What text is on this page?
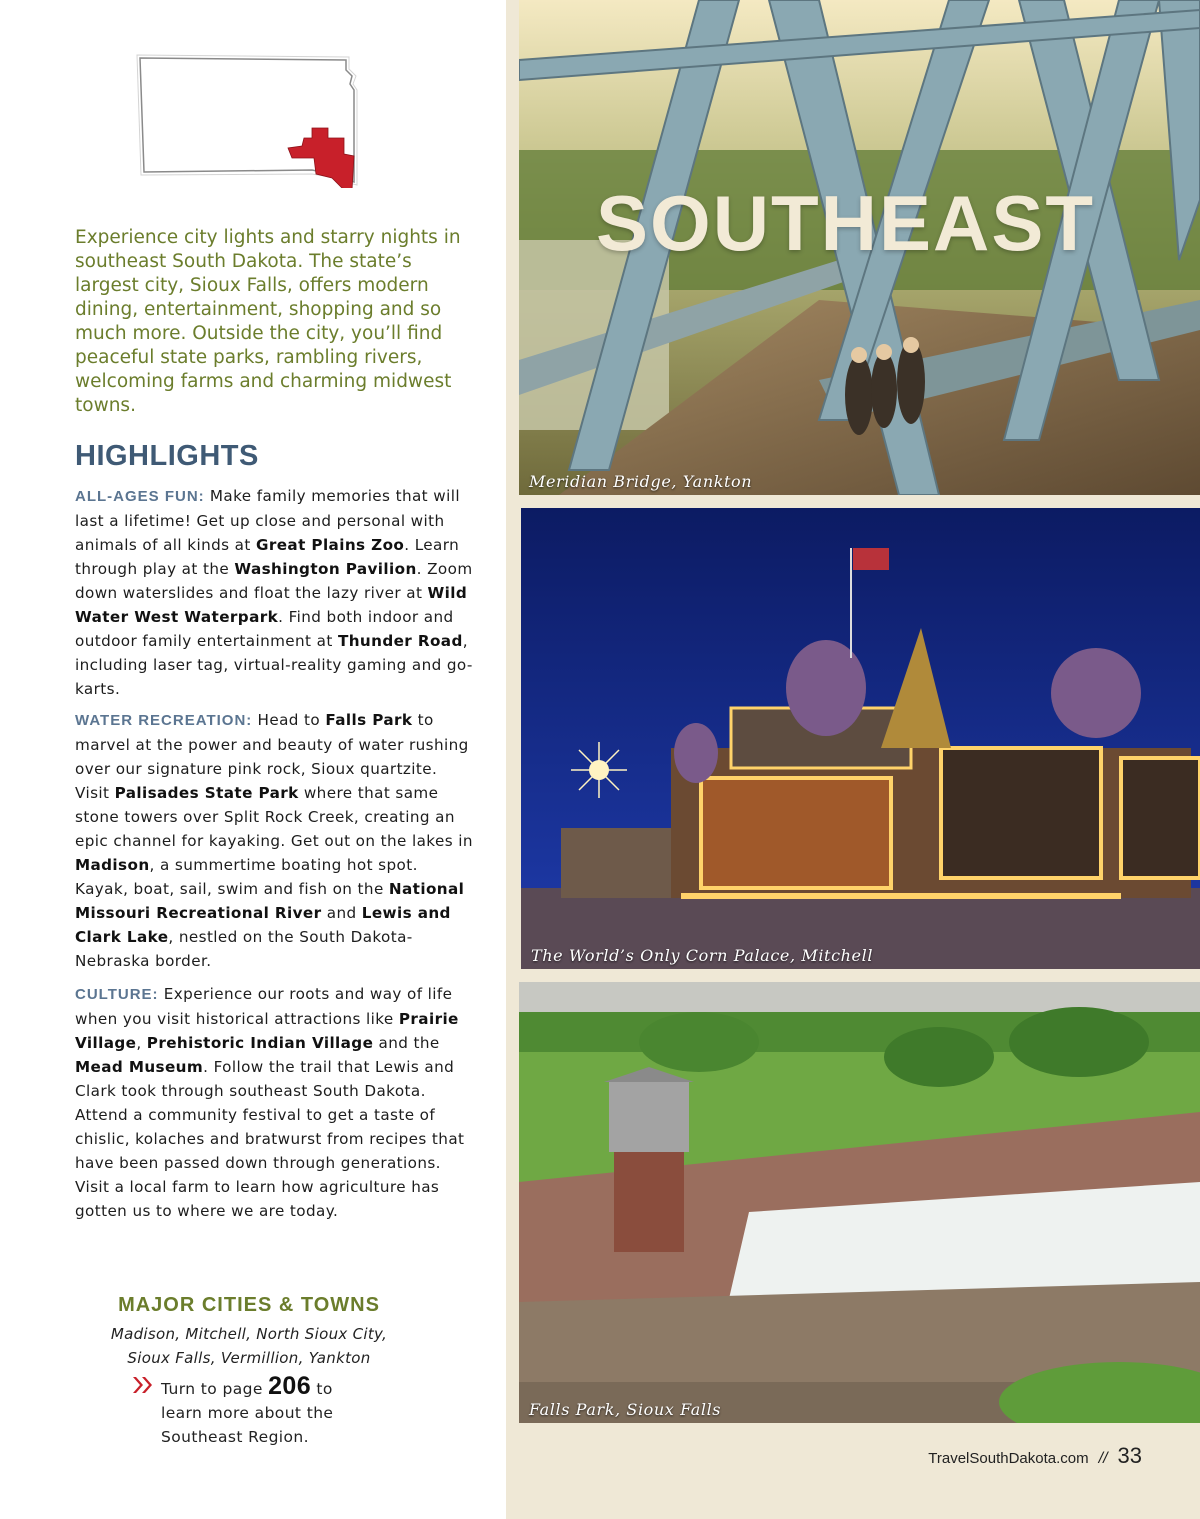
Experience city lights and starry nights in southeast South Dakota. The state’s largest city, Sioux Falls, offers modern dining, entertainment, shopping and so much more. Outside the city, you’ll find peaceful state parks, rambling rivers, welcoming farms and charming midwest towns.

HIGHLIGHTS

ALL-AGES FUN: Make family memories that will last a lifetime! Get up close and personal with animals of all kinds at Great Plains Zoo. Learn through play at the Washington Pavilion. Zoom down waterslides and float the lazy river at Wild Water West Waterpark. Find both indoor and outdoor family entertainment at Thunder Road, including laser tag, virtual-reality gaming and go-karts.

WATER RECREATION: Head to Falls Park to marvel at the power and beauty of water rushing over our signature pink rock, Sioux quartzite. Visit Palisades State Park where that same stone towers over Split Rock Creek, creating an epic channel for kayaking. Get out on the lakes in Madison, a summertime boating hot spot. Kayak, boat, sail, swim and fish on the National Missouri Recreational River and Lewis and Clark Lake, nestled on the South Dakota-Nebraska border.

CULTURE: Experience our roots and way of life when you visit historical attractions like Prairie Village, Prehistoric Indian Village and the Mead Museum. Follow the trail that Lewis and Clark took through southeast South Dakota. Attend a community festival to get a taste of chislic, kolaches and bratwurst from recipes that have been passed down through generations. Visit a local farm to learn how agriculture has gotten us to where we are today.

MAJOR CITIES & TOWNS
Madison, Mitchell, North Sioux City,
Sioux Falls, Vermillion, Yankton
Turn to page 206 to learn more about the Southeast Region.
Meridian Bridge, Yankton
SOUTHEAST
The World’s Only Corn Palace, Mitchell
Falls Park, Sioux Falls
TravelSouthDakota.com // 33
